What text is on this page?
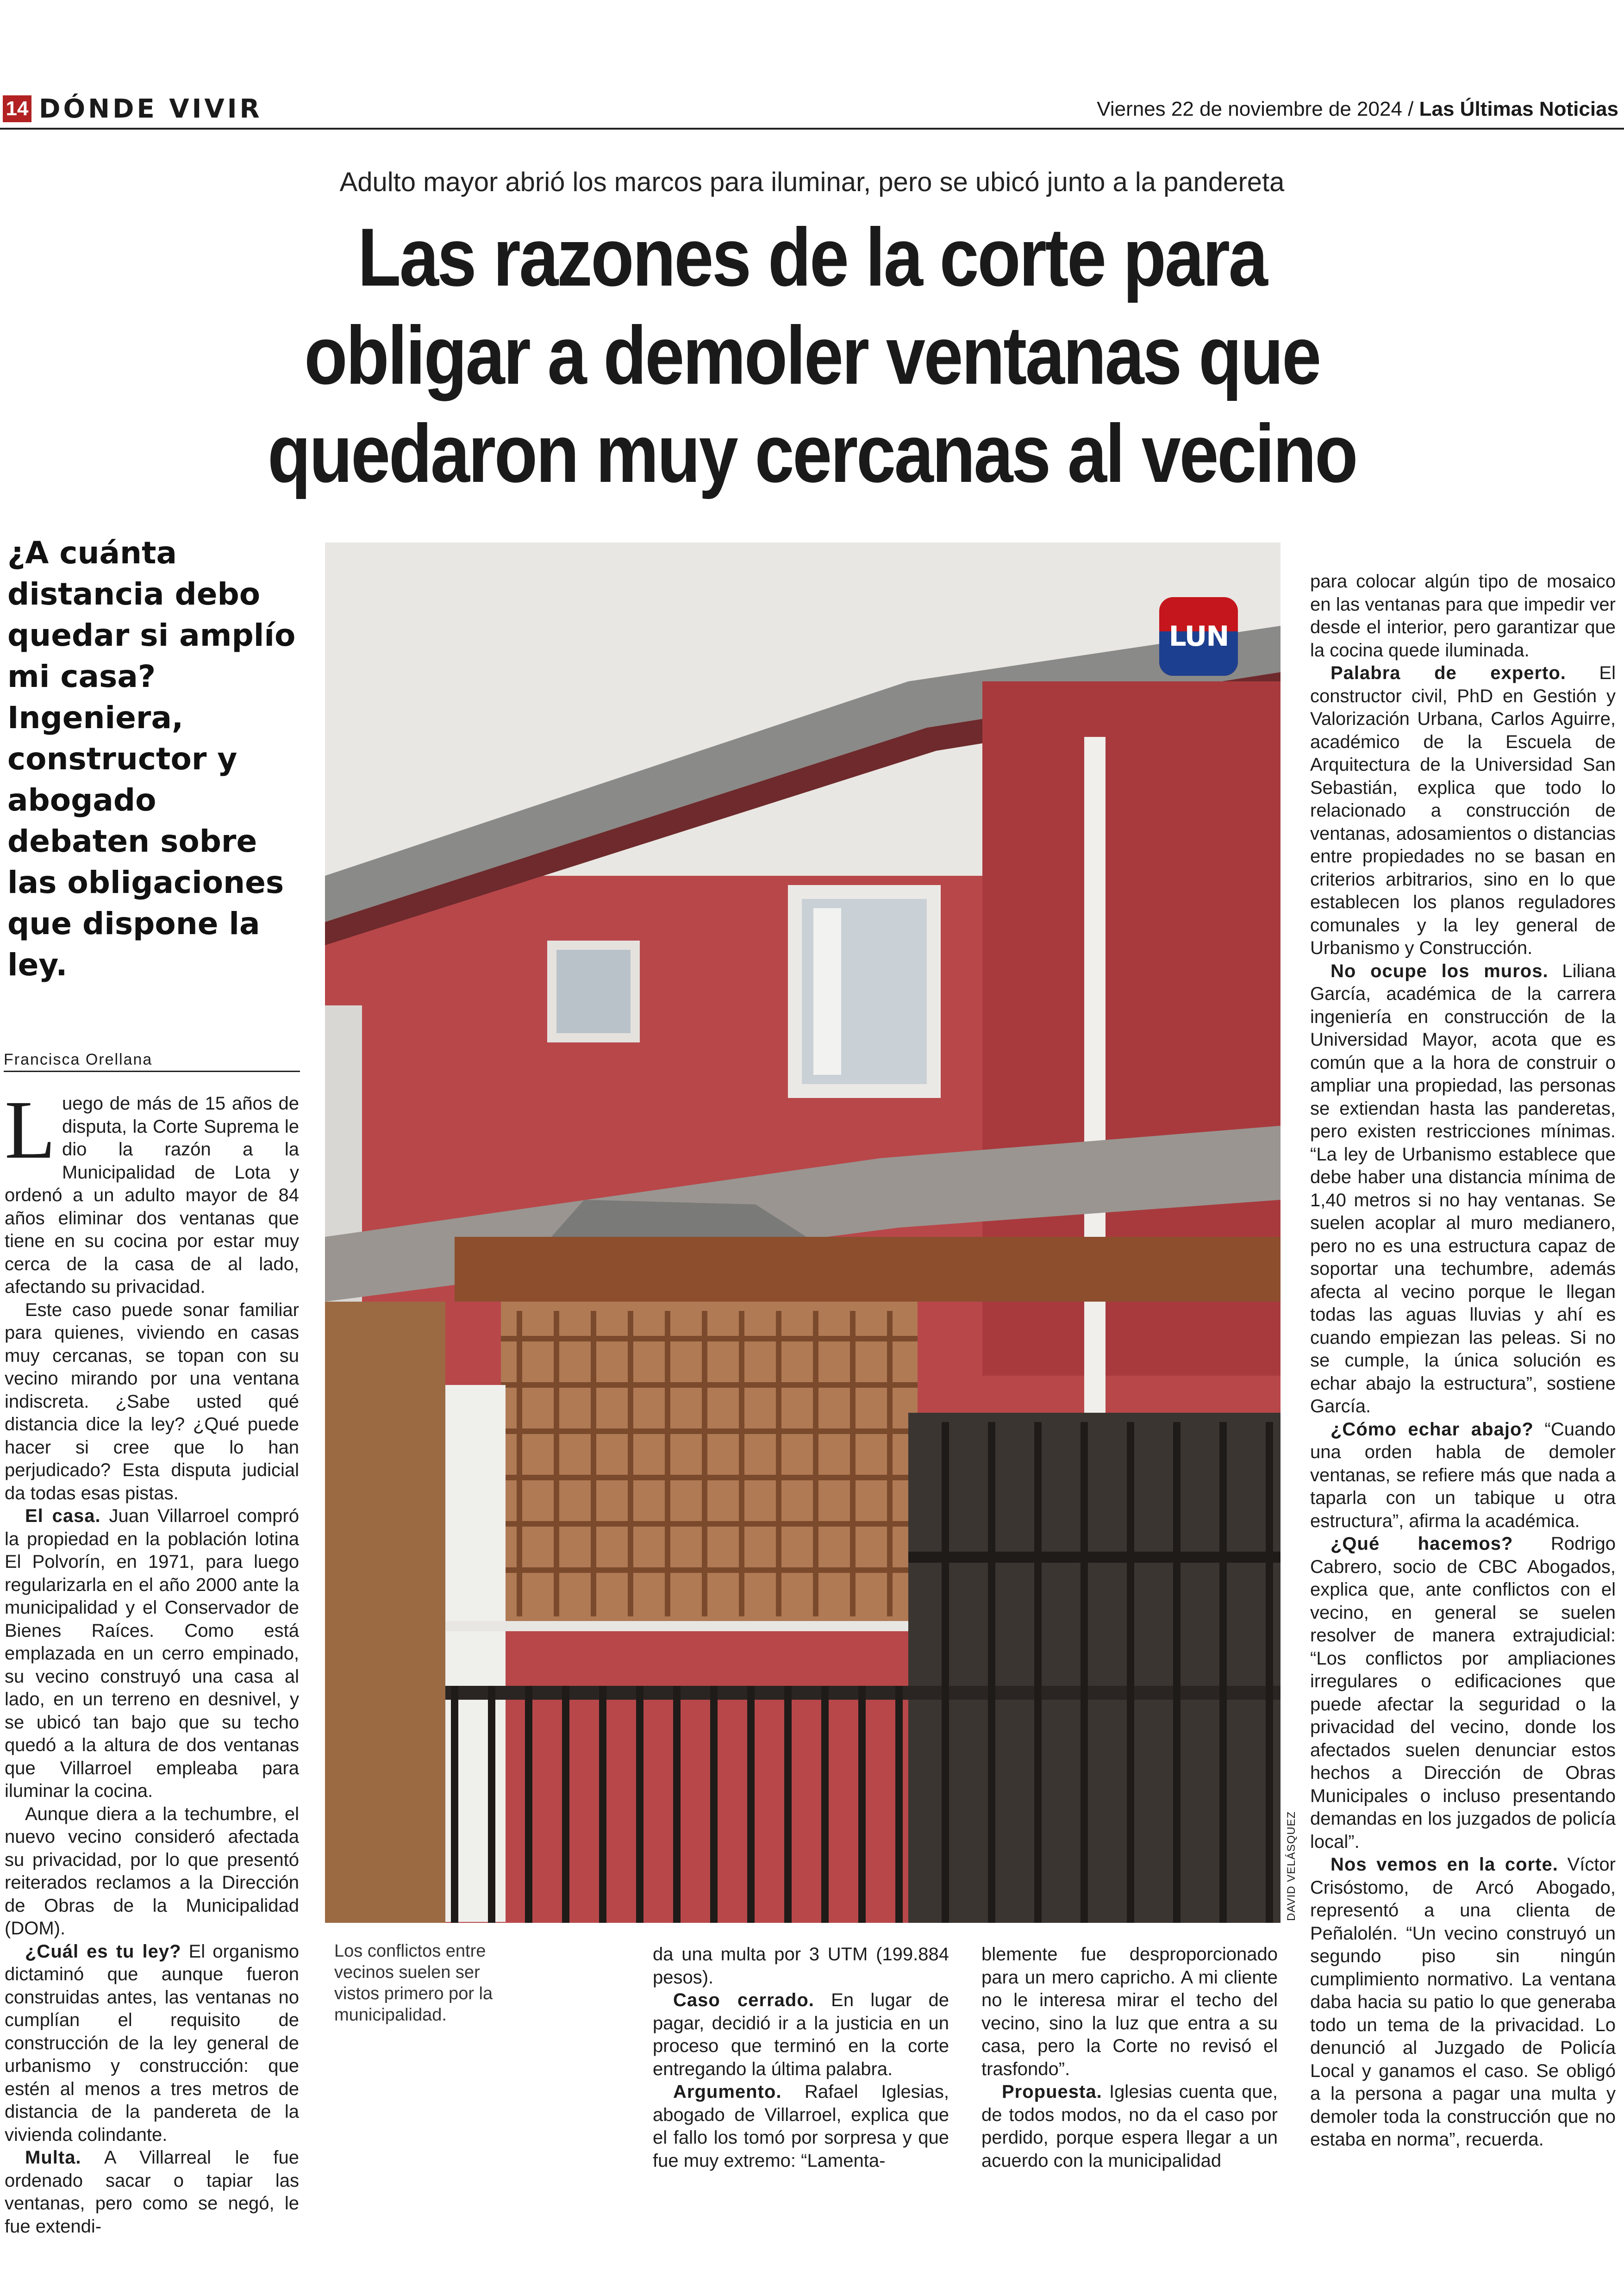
14 DÓNDE VIVIR	Viernes 22 de noviembre de 2024 / Las Últimas Noticias
Adulto mayor abrió los marcos para iluminar, pero se ubicó junto a la pandereta
Las razones de la corte para
obligar a demoler ventanas que
quedaron muy cercanas al vecino
¿A cuánta distancia debo quedar si amplío mi casa? Ingeniera, constructor y abogado debaten sobre las obligaciones que dispone la ley.
Francisca Orellana

Luego de más de 15 años de disputa, la Corte Suprema le dio la razón a la Municipalidad de Lota y ordenó a un adulto mayor de 84 años eliminar dos ventanas que tiene en su cocina por estar muy cerca de la casa de al lado, afectando su privacidad.

Este caso puede sonar familiar para quienes, viviendo en casas muy cercanas, se topan con su vecino mirando por una ventana indiscreta. ¿Sabe usted qué distancia dice la ley? ¿Qué puede hacer si cree que lo han perjudicado? Esta disputa judicial da todas esas pistas.

El casa. Juan Villarroel compró la propiedad en la población lotina El Polvorín, en 1971, para luego regularizarla en el año 2000 ante la municipalidad y el Conservador de Bienes Raíces. Como está emplazada en un cerro empinado, su vecino construyó una casa al lado, en un terreno en desnivel, y se ubicó tan bajo que su techo quedó a la altura de dos ventanas que Villarroel empleaba para iluminar la cocina.

Aunque diera a la techumbre, el nuevo vecino consideró afectada su privacidad, por lo que presentó reiterados reclamos a la Dirección de Obras de la Municipalidad (DOM).

¿Cuál es tu ley? El organismo dictaminó que aunque fueron construidas antes, las ventanas no cumplían el requisito de construcción de la ley general de urbanismo y construcción: que estén al menos a tres metros de distancia de la pandereta de la vivienda colindante.

Multa. A Villarreal le fue ordenado sacar o tapiar las ventanas, pero como se negó, le fue extendi-

LUN
DAVID VELÁSQUEZ
Los conflictos entre vecinos suelen ser vistos primero por la municipalidad.

da una multa por 3 UTM (199.884 pesos).

Caso cerrado. En lugar de pagar, decidió ir a la justicia en un proceso que terminó en la corte entregando la última palabra.

Argumento. Rafael Iglesias, abogado de Villarroel, explica que el fallo los tomó por sorpresa y que fue muy extremo: “Lamenta-

blemente fue desproporcionado para un mero capricho. A mi cliente no le interesa mirar el techo del vecino, sino la luz que entra a su casa, pero la Corte no revisó el trasfondo”.

Propuesta. Iglesias cuenta que, de todos modos, no da el caso por perdido, porque espera llegar a un acuerdo con la municipalidad

para colocar algún tipo de mosaico en las ventanas para que impedir ver desde el interior, pero garantizar que la cocina quede iluminada.

Palabra de experto. El constructor civil, PhD en Gestión y Valorización Urbana, Carlos Aguirre, académico de la Escuela de Arquitectura de la Universidad San Sebastián, explica que todo lo relacionado a construcción de ventanas, adosamientos o distancias entre propiedades no se basan en criterios arbitrarios, sino en lo que establecen los planos reguladores comunales y la ley general de Urbanismo y Construcción.

No ocupe los muros. Liliana García, académica de la carrera ingeniería en construcción de la Universidad Mayor, acota que es común que a la hora de construir o ampliar una propiedad, las personas se extiendan hasta las panderetas, pero existen restricciones mínimas. “La ley de Urbanismo establece que debe haber una distancia mínima de 1,40 metros si no hay ventanas. Se suelen acoplar al muro medianero, pero no es una estructura capaz de soportar una techumbre, además afecta al vecino porque le llegan todas las aguas lluvias y ahí es cuando empiezan las peleas. Si no se cumple, la única solución es echar abajo la estructura”, sostiene García.

¿Cómo echar abajo? “Cuando una orden habla de demoler ventanas, se refiere más que nada a taparla con un tabique u otra estructura”, afirma la académica.

¿Qué hacemos? Rodrigo Cabrero, socio de CBC Abogados, explica que, ante conflictos con el vecino, en general se suelen resolver de manera extrajudicial: “Los conflictos por ampliaciones irregulares o edificaciones que puede afectar la seguridad o la privacidad del vecino, donde los afectados suelen denunciar estos hechos a Dirección de Obras Municipales o incluso presentando demandas en los juzgados de policía local”.

Nos vemos en la corte. Víctor Crisóstomo, de Arcó Abogado, representó a una clienta de Peñalolén. “Un vecino construyó un segundo piso sin ningún cumplimiento normativo. La ventana daba hacia su patio lo que generaba todo un tema de la privacidad. Lo denunció al Juzgado de Policía Local y ganamos el caso. Se obligó a la persona a pagar una multa y demoler toda la construcción que no estaba en norma”, recuerda.
